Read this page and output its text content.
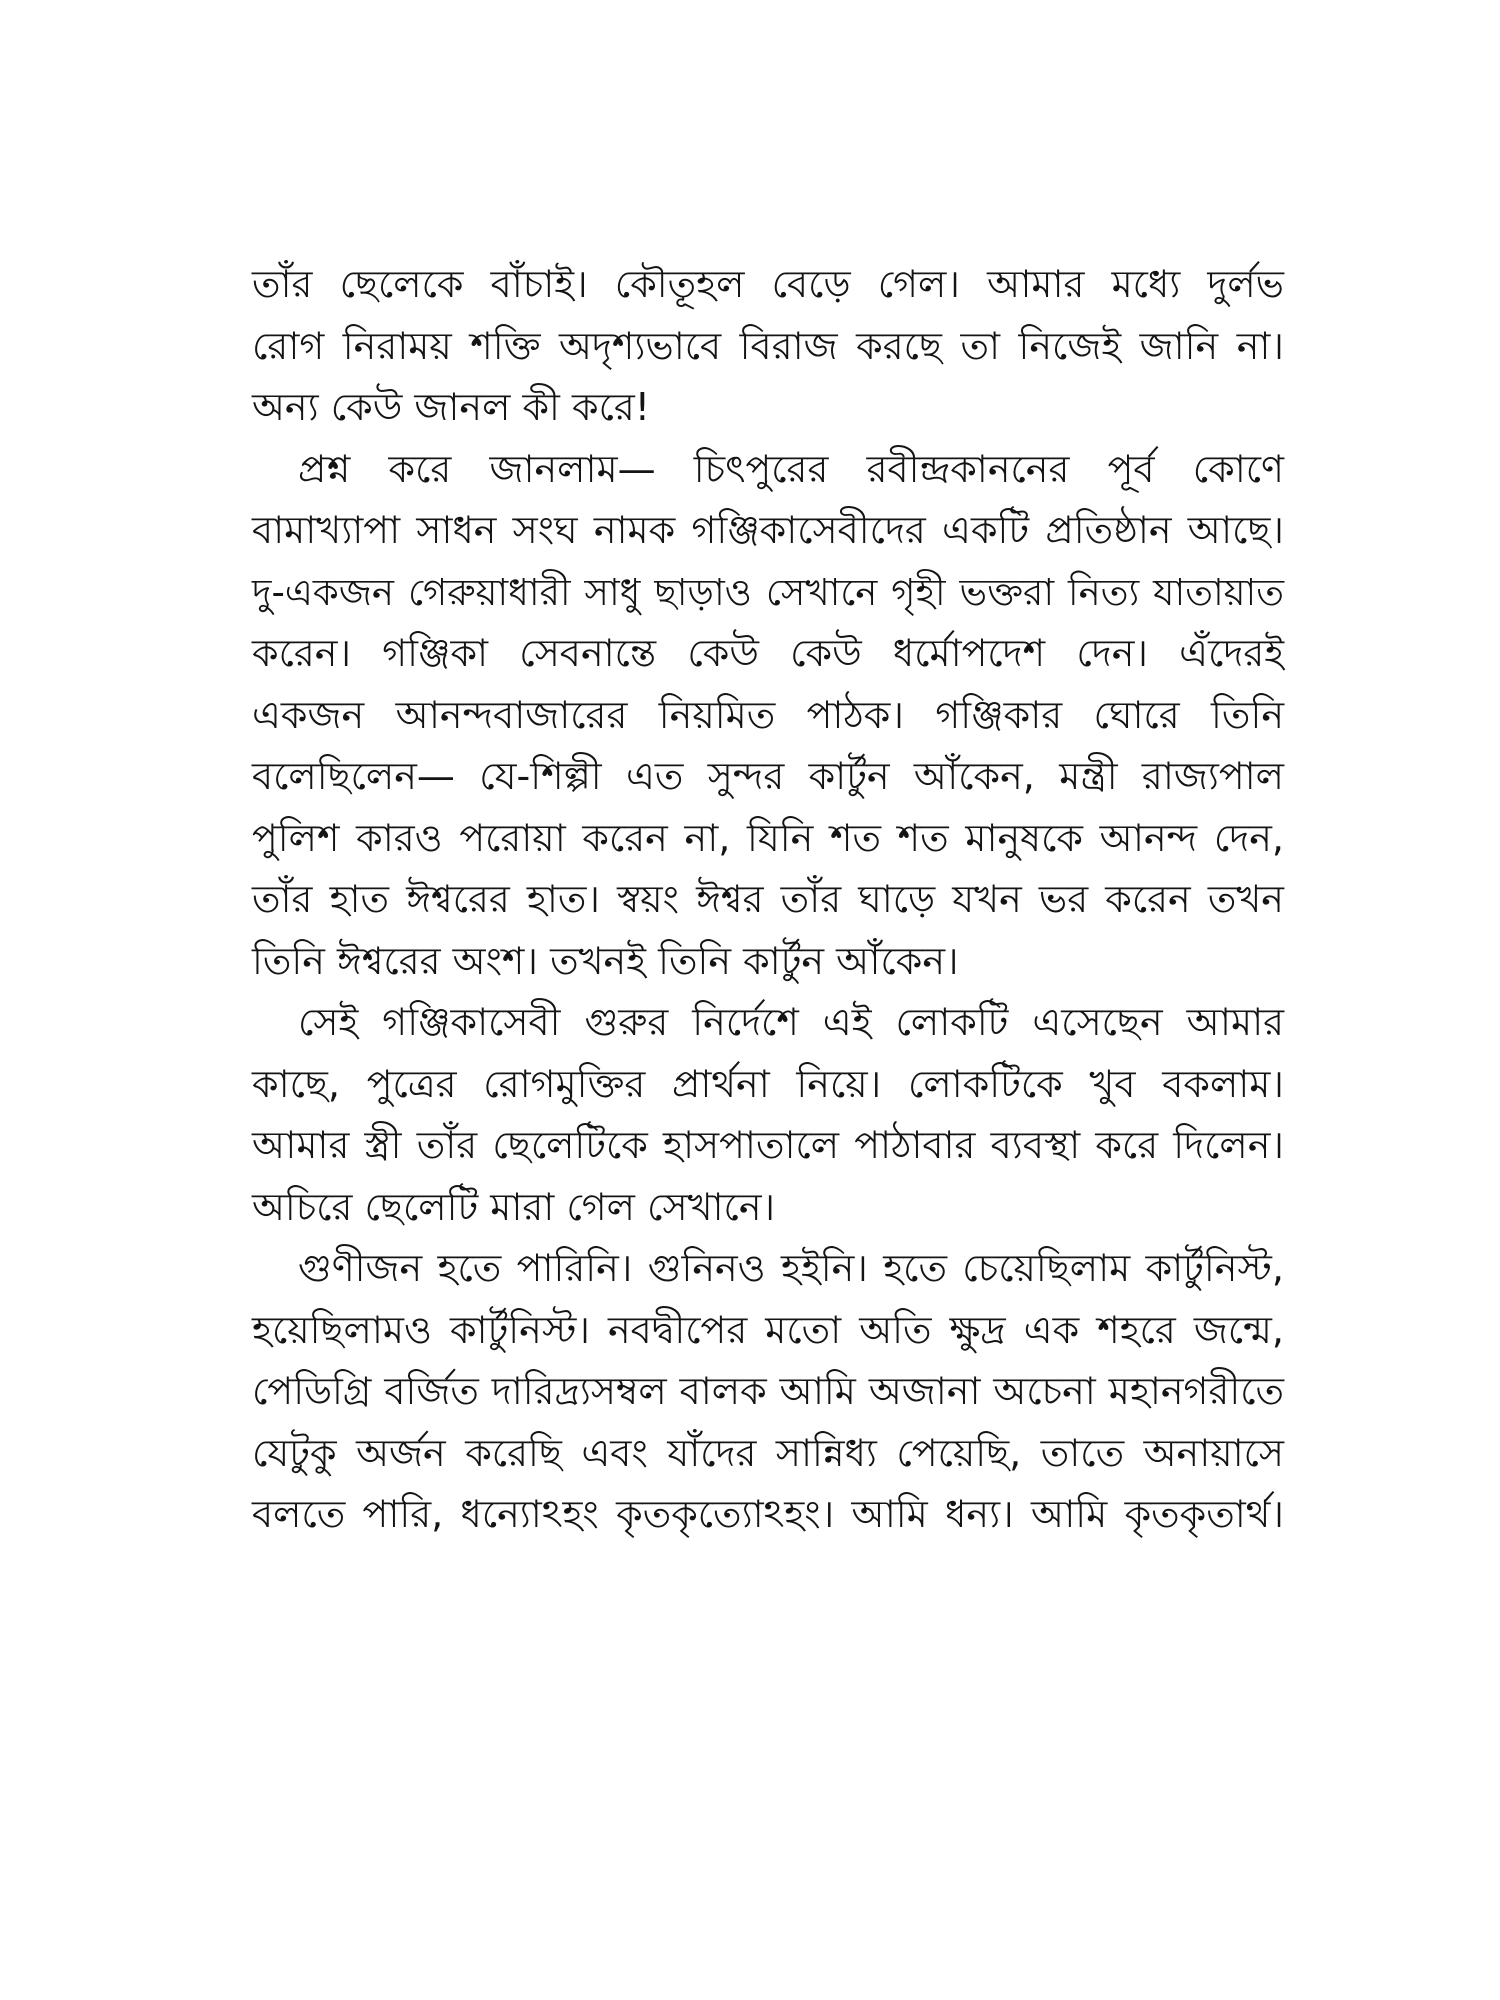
তাঁর ছেলেকে বাঁচাই। কৌতূহল বেড়ে গেল। আমার মধ্যে দুর্লভ
রোগ নিরাময় শক্তি অদৃশ্যভাবে বিরাজ করছে তা নিজেই জানি না।
অন্য কেউ জানল কী করে!
প্রশ্ন করে জানলাম— চিৎপুরের রবীন্দ্রকাননের পূর্ব কোণে
বামাখ্যাপা সাধন সংঘ নামক গঞ্জিকাসেবীদের একটি প্রতিষ্ঠান আছে।
দু-একজন গেরুয়াধারী সাধু ছাড়াও সেখানে গৃহী ভক্তরা নিত্য যাতায়াত
করেন। গঞ্জিকা সেবনান্তে কেউ কেউ ধর্মোপদেশ দেন। এঁদেরই
একজন আনন্দবাজারের নিয়মিত পাঠক। গঞ্জিকার ঘোরে তিনি
বলেছিলেন— যে-শিল্পী এত সুন্দর কার্টুন আঁকেন, মন্ত্রী রাজ্যপাল
পুলিশ কারও পরোয়া করেন না, যিনি শত শত মানুষকে আনন্দ দেন,
তাঁর হাত ঈশ্বরের হাত। স্বয়ং ঈশ্বর তাঁর ঘাড়ে যখন ভর করেন তখন
তিনি ঈশ্বরের অংশ। তখনই তিনি কার্টুন আঁকেন।
সেই গঞ্জিকাসেবী গুরুর নির্দেশে এই লোকটি এসেছেন আমার
কাছে, পুত্রের রোগমুক্তির প্রার্থনা নিয়ে। লোকটিকে খুব বকলাম।
আমার স্ত্রী তাঁর ছেলেটিকে হাসপাতালে পাঠাবার ব্যবস্থা করে দিলেন।
অচিরে ছেলেটি মারা গেল সেখানে।
গুণীজন হতে পারিনি। গুনিনও হইনি। হতে চেয়েছিলাম কার্টুনিস্ট,
হয়েছিলামও কার্টুনিস্ট। নবদ্বীপের মতো অতি ক্ষুদ্র এক শহরে জন্মে,
পেডিগ্রি বর্জিত দারিদ্র্যসম্বল বালক আমি অজানা অচেনা মহানগরীতে
যেটুকু অর্জন করেছি এবং যাঁদের সান্নিধ্য পেয়েছি, তাতে অনায়াসে
বলতে পারি, ধন্যোঽহং কৃতকৃত্যোঽহং। আমি ধন্য। আমি কৃতকৃতার্থ।
